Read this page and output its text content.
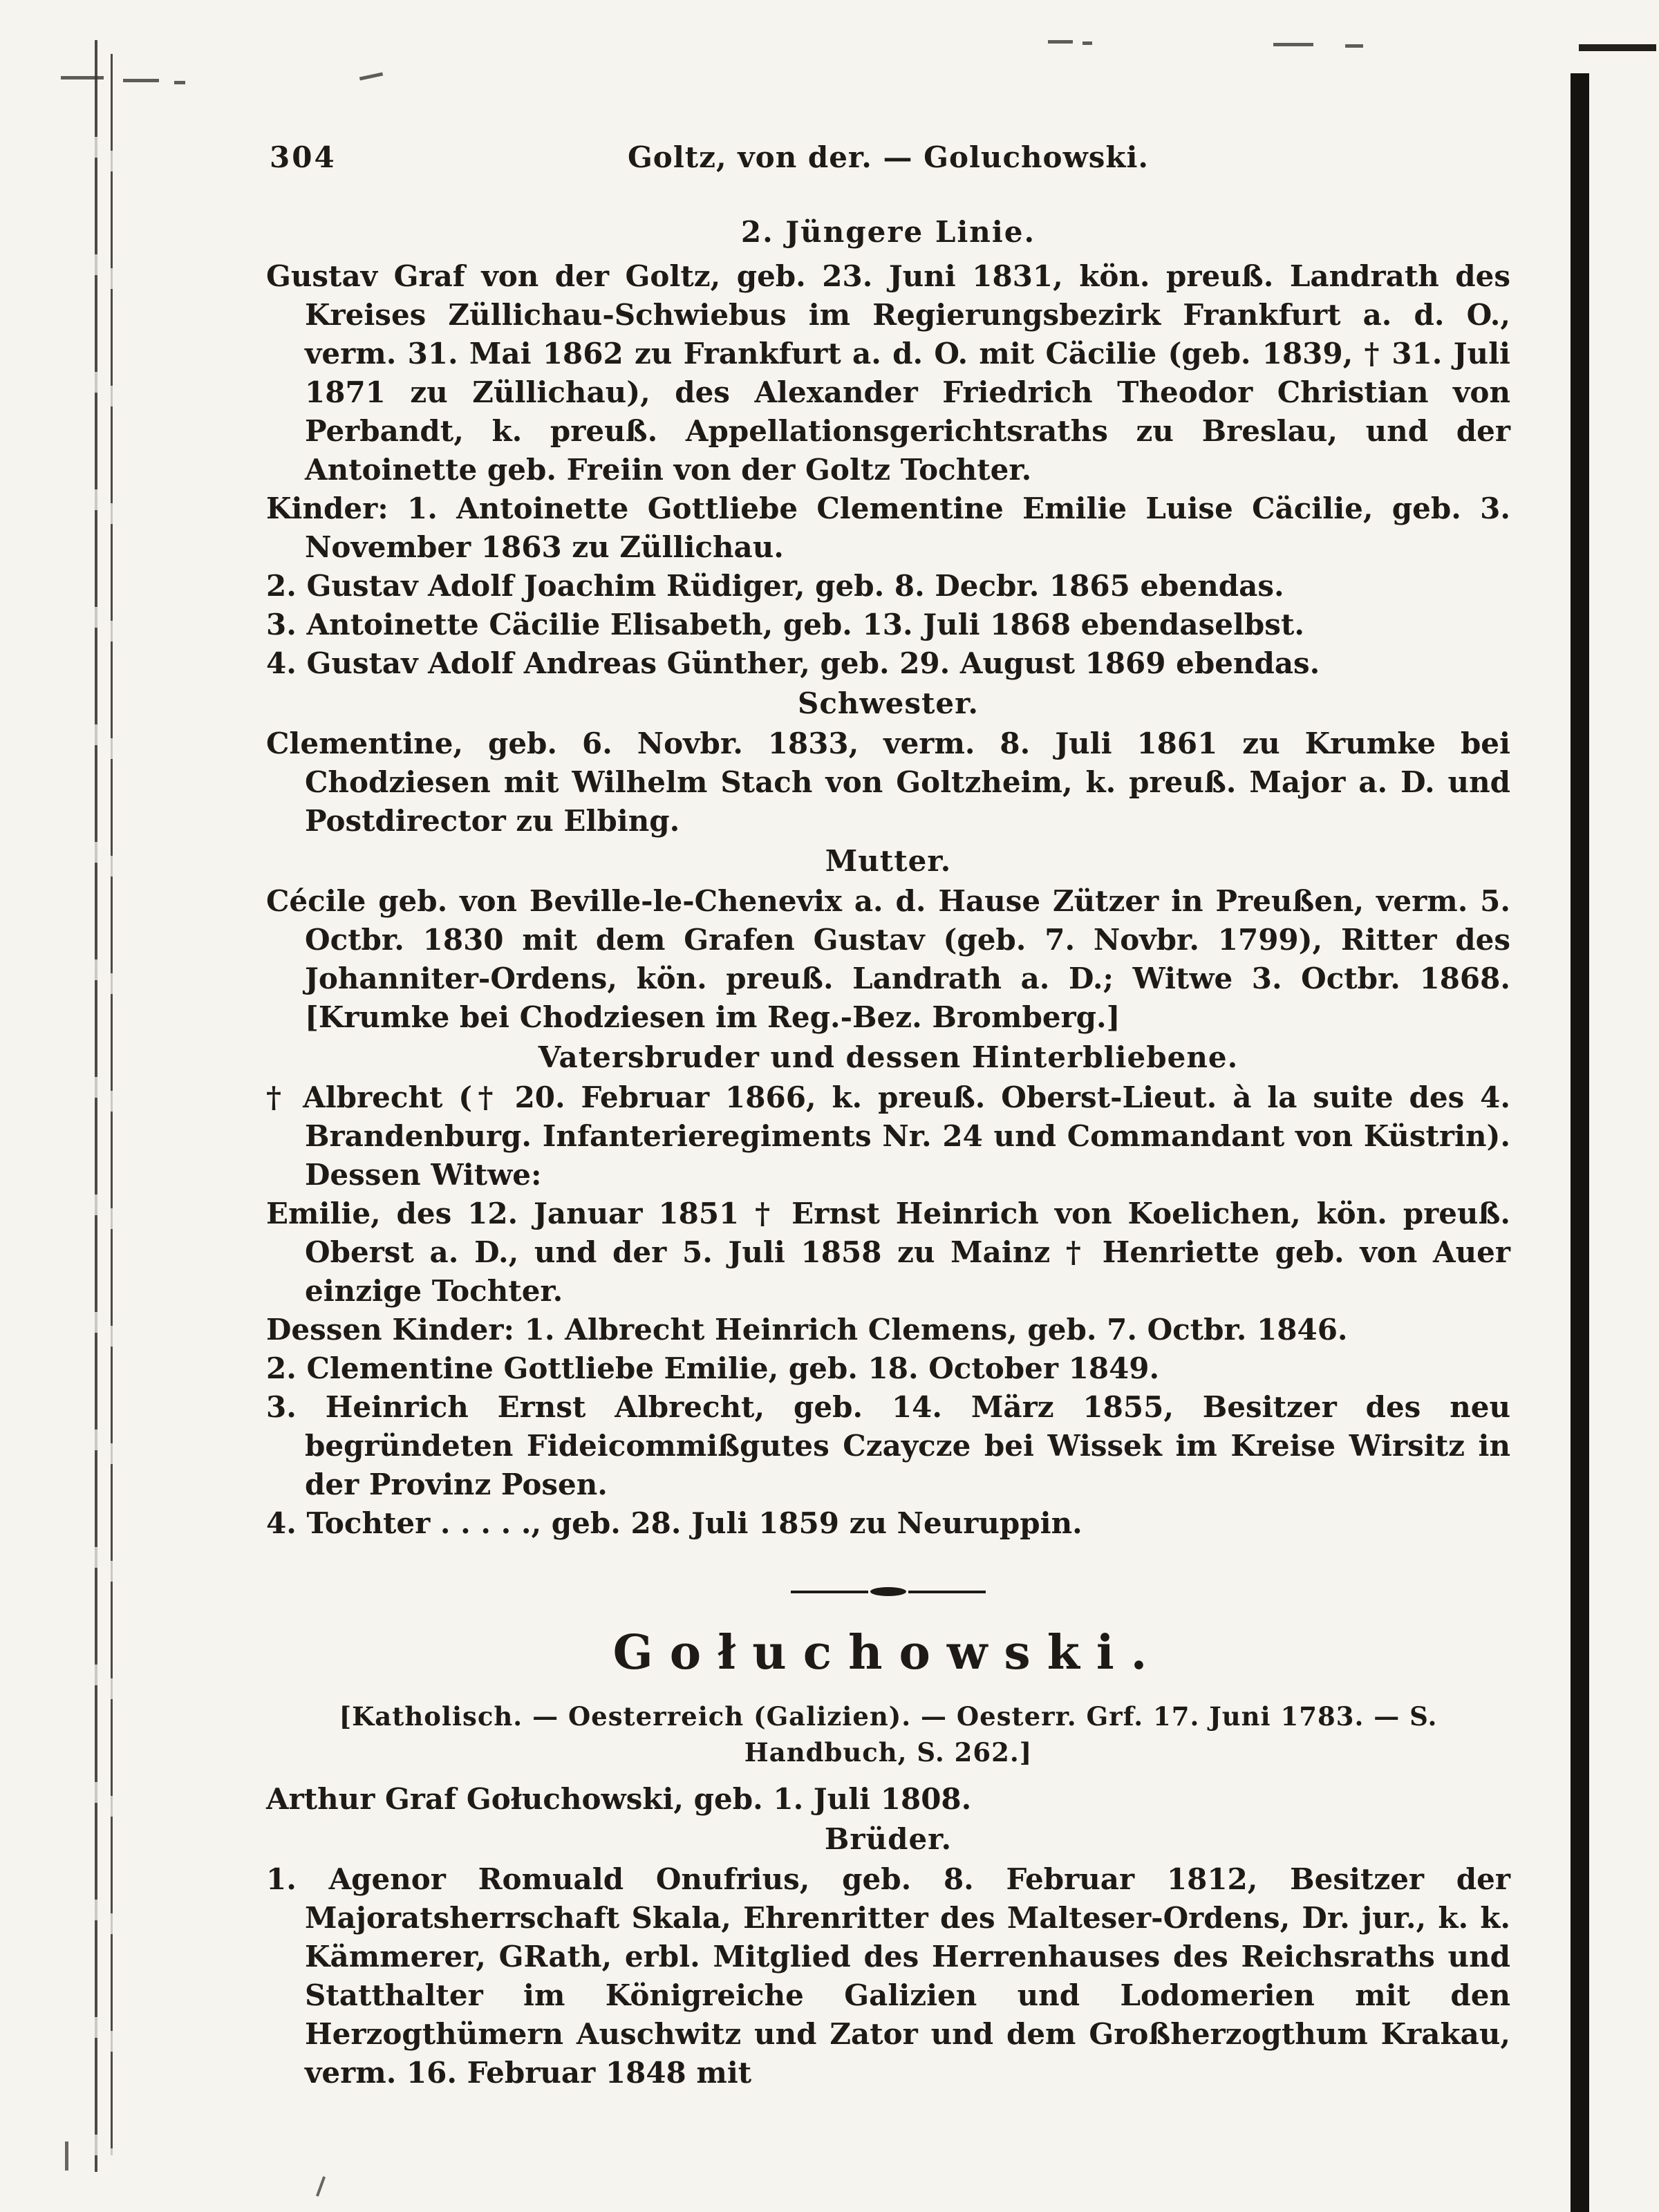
304	Goltz, von der. — Goluchowski.
2. Jüngere Linie.

Gustav Graf von der Goltz, geb. 23. Juni 1831, kön. preuß. Landrath des Kreises Züllichau-Schwiebus im Regierungsbezirk Frankfurt a. d. O., verm. 31. Mai 1862 zu Frankfurt a. d. O. mit Cäcilie (geb. 1839, † 31. Juli 1871 zu Züllichau), des Alexander Friedrich Theodor Christian von Perbandt, k. preuß. Appellationsgerichtsraths zu Breslau, und der Antoinette geb. Freiin von der Goltz Tochter.

Kinder: 1. Antoinette Gottliebe Clementine Emilie Luise Cäcilie, geb. 3. November 1863 zu Züllichau.

2. Gustav Adolf Joachim Rüdiger, geb. 8. Decbr. 1865 ebendas.

3. Antoinette Cäcilie Elisabeth, geb. 13. Juli 1868 ebendaselbst.

4. Gustav Adolf Andreas Günther, geb. 29. August 1869 ebendas.

Schwester.

Clementine, geb. 6. Novbr. 1833, verm. 8. Juli 1861 zu Krumke bei Chodziesen mit Wilhelm Stach von Goltzheim, k. preuß. Major a. D. und Postdirector zu Elbing.

Mutter.

Cécile geb. von Beville-le-Chenevix a. d. Hause Zützer in Preußen, verm. 5. Octbr. 1830 mit dem Grafen Gustav (geb. 7. Novbr. 1799), Ritter des Johanniter-Ordens, kön. preuß. Landrath a. D.; Witwe 3. Octbr. 1868. [Krumke bei Chodziesen im Reg.-Bez. Bromberg.]

Vatersbruder und dessen Hinterbliebene.

† Albrecht († 20. Februar 1866, k. preuß. Oberst-Lieut. à la suite des 4. Brandenburg. Infanterieregiments Nr. 24 und Commandant von Küstrin). Dessen Witwe:

Emilie, des 12. Januar 1851 † Ernst Heinrich von Koelichen, kön. preuß. Oberst a. D., und der 5. Juli 1858 zu Mainz † Henriette geb. von Auer einzige Tochter.

Dessen Kinder: 1. Albrecht Heinrich Clemens, geb. 7. Octbr. 1846.

2. Clementine Gottliebe Emilie, geb. 18. October 1849.

3. Heinrich Ernst Albrecht, geb. 14. März 1855, Besitzer des neu begründeten Fideicommißgutes Czaycze bei Wissek im Kreise Wirsitz in der Provinz Posen.

4. Tochter . . . . ., geb. 28. Juli 1859 zu Neuruppin.

Gołuchowski.
[Katholisch. — Oesterreich (Galizien). — Oesterr. Grf. 17. Juni 1783. — S.
Handbuch, S. 262.]

Arthur Graf Gołuchowski, geb. 1. Juli 1808.

Brüder.

1. Agenor Romuald Onufrius, geb. 8. Februar 1812, Besitzer der Majoratsherrschaft Skala, Ehrenritter des Malteser-Ordens, Dr. jur., k. k. Kämmerer, GRath, erbl. Mitglied des Herrenhauses des Reichsraths und Statthalter im Königreiche Galizien und Lodomerien mit den Herzogthümern Auschwitz und Zator und dem Großherzogthum Krakau, verm. 16. Februar 1848 mit
